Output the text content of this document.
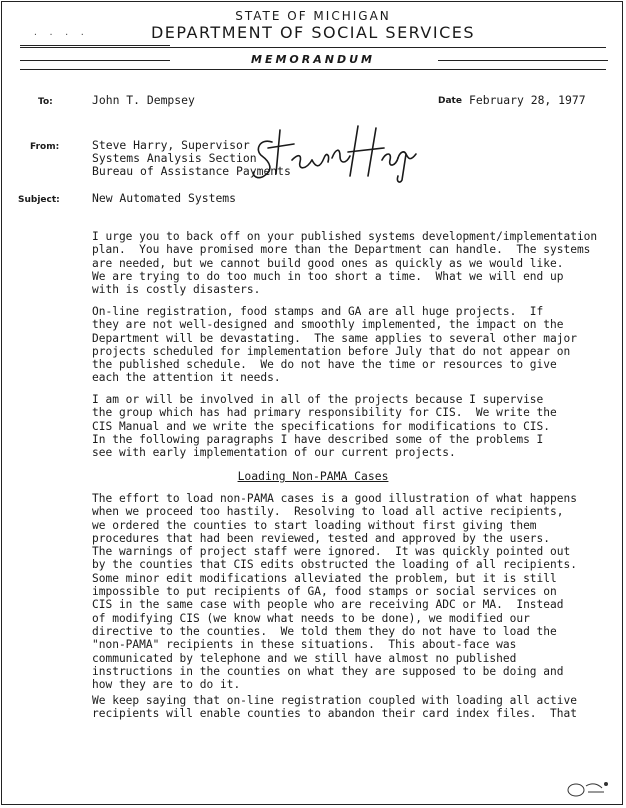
STATE OF MICHIGAN
· · · ·	DEPARTMENT OF SOCIAL SERVICES
MEMORANDUM
To:	John T. Dempsey	Date February 28, 1977
From:	Steve Harry, Supervisor
Systems Analysis Section
Bureau of Assistance Payments
Subject:	New Automated Systems
I urge you to back off on your published systems development/implementation
plan.  You have promised more than the Department can handle.  The systems
are needed, but we cannot build good ones as quickly as we would like.
We are trying to do too much in too short a time.  What we will end up
with is costly disasters.
On-line registration, food stamps and GA are all huge projects.  If
they are not well-designed and smoothly implemented, the impact on the
Department will be devastating.  The same applies to several other major
projects scheduled for implementation before July that do not appear on
the published schedule.  We do not have the time or resources to give
each the attention it needs.
I am or will be involved in all of the projects because I supervise
the group which has had primary responsibility for CIS.  We write the
CIS Manual and we write the specifications for modifications to CIS.
In the following paragraphs I have described some of the problems I
see with early implementation of our current projects.
Loading Non-PAMA Cases
The effort to load non-PAMA cases is a good illustration of what happens
when we proceed too hastily.  Resolving to load all active recipients,
we ordered the counties to start loading without first giving them
procedures that had been reviewed, tested and approved by the users.
The warnings of project staff were ignored.  It was quickly pointed out
by the counties that CIS edits obstructed the loading of all recipients.
Some minor edit modifications alleviated the problem, but it is still
impossible to put recipients of GA, food stamps or social services on
CIS in the same case with people who are receiving ADC or MA.  Instead
of modifying CIS (we know what needs to be done), we modified our
directive to the counties.  We told them they do not have to load the
"non-PAMA" recipients in these situations.  This about-face was
communicated by telephone and we still have almost no published
instructions in the counties on what they are supposed to be doing and
how they are to do it.
We keep saying that on-line registration coupled with loading all active
recipients will enable counties to abandon their card index files.  That
